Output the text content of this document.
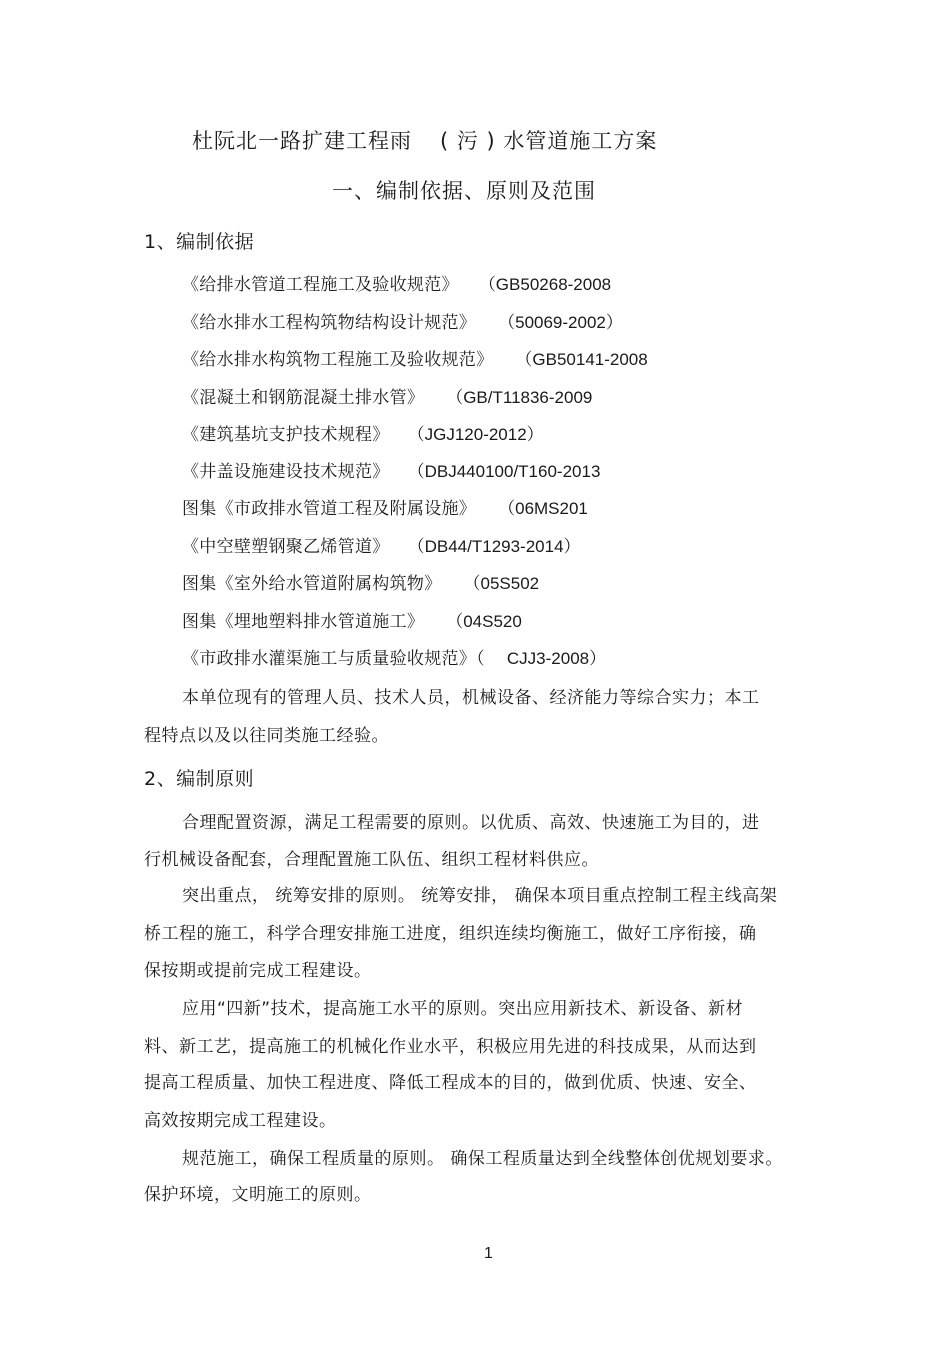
杜阮北一路扩建工程雨 ( 污 ) 水管道施工方案
一、编制依据、原则及范围
1、编制依据
《给排水管道工程施工及验收规范》 （GB50268-2008
《给水排水工程构筑物结构设计规范》 （50069-2002）
《给水排水构筑物工程施工及验收规范》 （GB50141-2008
《混凝土和钢筋混凝土排水管》 （GB/T11836-2009
《建筑基坑支护技术规程》 （JGJ120-2012）
《井盖设施建设技术规范》 （DBJ440100/T160-2013
图集《市政排水管道工程及附属设施》 （06MS201
《中空壁塑钢聚乙烯管道》 （DB44/T1293-2014）
图集《室外给水管道附属构筑物》 （05S502
图集《埋地塑料排水管道施工》 （04S520
《市政排水灌渠施工与质量验收规范》（ CJJ3-2008）
本单位现有的管理人员、技术人员，机械设备、经济能力等综合实力；本工
程特点以及以往同类施工经验。
2、编制原则
合理配置资源，满足工程需要的原则。以优质、高效、快速施工为目的，进
行机械设备配套，合理配置施工队伍、组织工程材料供应。
突出重点， 统筹安排的原则。 统筹安排， 确保本项目重点控制工程主线高架
桥工程的施工，科学合理安排施工进度，组织连续均衡施工，做好工序衔接，确
保按期或提前完成工程建设。
应用“四新”技术，提高施工水平的原则。突出应用新技术、新设备、新材
料、新工艺，提高施工的机械化作业水平，积极应用先进的科技成果，从而达到
提高工程质量、加快工程进度、降低工程成本的目的，做到优质、快速、安全、
高效按期完成工程建设。
规范施工，确保工程质量的原则。 确保工程质量达到全线整体创优规划要求。
保护环境，文明施工的原则。
1
